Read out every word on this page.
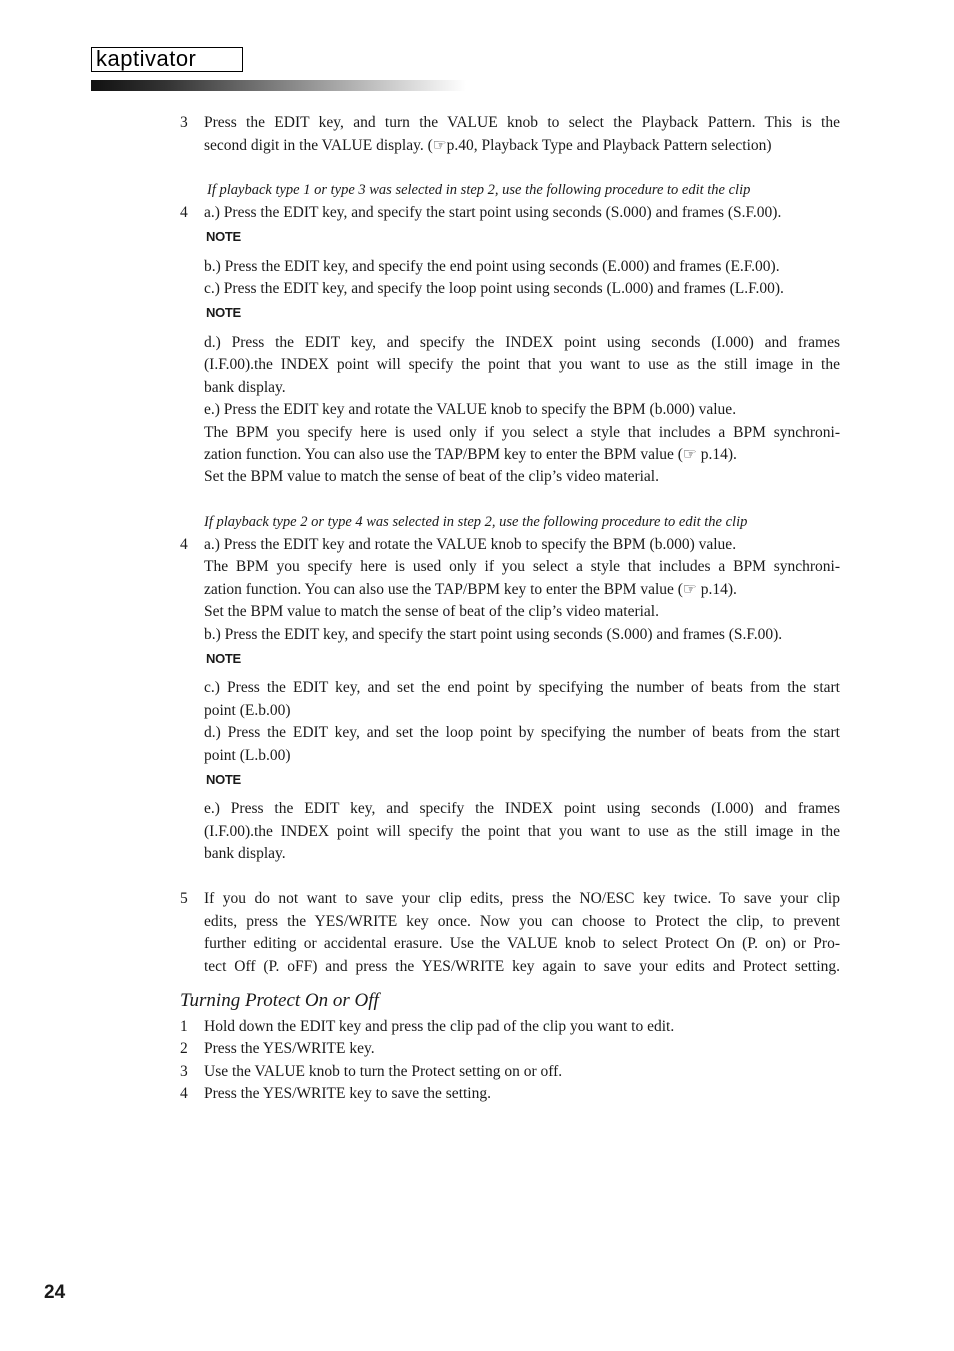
kaptivator
3 Press the EDIT key, and turn the VALUE knob to select the Playback Pattern. This is the
second digit in the VALUE display. (☞p.40, Playback Type and Playback Pattern selection)
If playback type 1 or type 3 was selected in step 2, use the following procedure to edit the clip
4 a.) Press the EDIT key, and specify the start point using seconds (S.000) and frames (S.F.00).
NOTE
b.) Press the EDIT key, and specify the end point using seconds (E.000) and frames (E.F.00).
c.) Press the EDIT key, and specify the loop point using seconds (L.000) and frames (L.F.00).
NOTE
d.) Press the EDIT key, and specify the INDEX point using seconds (I.000) and frames
(I.F.00).the INDEX point will specify the point that you want to use as the still image in the
bank display.
e.) Press the EDIT key and rotate the VALUE knob to specify the BPM (b.000) value.
The BPM you specify here is used only if you select a style that includes a BPM synchroni-
zation function. You can also use the TAP/BPM key to enter the BPM value (☞ p.14).
Set the BPM value to match the sense of beat of the clip’s video material.
If playback type 2 or type 4 was selected in step 2, use the following procedure to edit the clip
4 a.) Press the EDIT key and rotate the VALUE knob to specify the BPM (b.000) value.
The BPM you specify here is used only if you select a style that includes a BPM synchroni-
zation function. You can also use the TAP/BPM key to enter the BPM value (☞ p.14).
Set the BPM value to match the sense of beat of the clip’s video material.
b.) Press the EDIT key, and specify the start point using seconds (S.000) and frames (S.F.00).
NOTE
c.) Press the EDIT key, and set the end point by specifying the number of beats from the start
point (E.b.00)
d.) Press the EDIT key, and set the loop point by specifying the number of beats from the start
point (L.b.00)
NOTE
e.) Press the EDIT key, and specify the INDEX point using seconds (I.000) and frames
(I.F.00).the INDEX point will specify the point that you want to use as the still image in the
bank display.
5 If you do not want to save your clip edits, press the NO/ESC key twice. To save your clip
edits, press the YES/WRITE key once. Now you can choose to Protect the clip, to prevent
further editing or accidental erasure. Use the VALUE knob to select Protect On (P. on) or Pro-
tect Off (P. oFF) and press the YES/WRITE key again to save your edits and Protect setting.
Turning Protect On or Off
1 Hold down the EDIT key and press the clip pad of the clip you want to edit.
2 Press the YES/WRITE key.
3 Use the VALUE knob to turn the Protect setting on or off.
4 Press the YES/WRITE key to save the setting.
24
